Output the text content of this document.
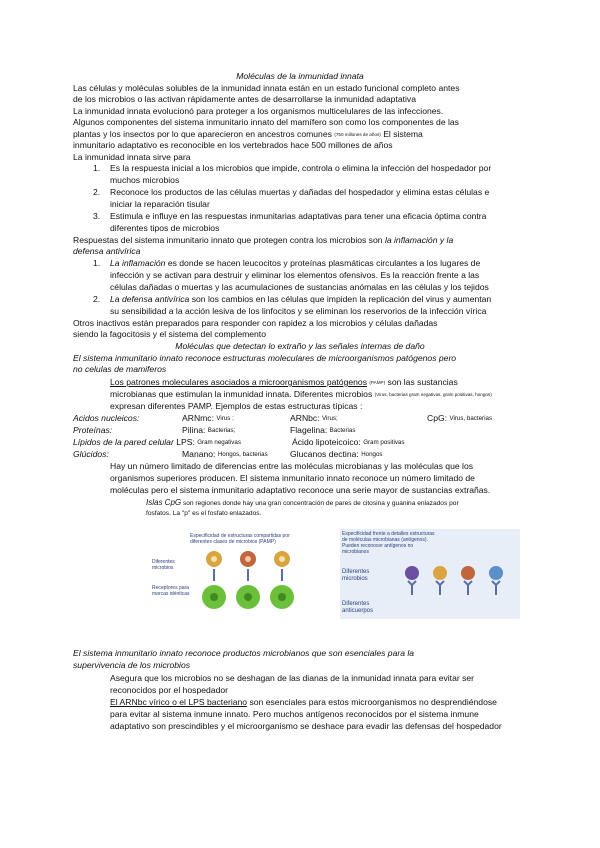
Moléculas de la inmunidad innata
Las células y moléculas solubles de la inmunidad innata están en un estado funcional completo antes
de los microbios o las activan rápidamente antes de desarrollarse la inmunidad adaptativa
La inmunidad innata evolucionó para proteger a los organismos multicelulares de las infecciones.
Algunos componentes del sistema inmunitario innato del mamífero son como los componentes de las
plantas y los insectos por lo que aparecieron en ancestros comunes (750 millones de años) El sistema
inmunitario adaptativo es reconocible en los vertebrados hace 500 millones de años
La inmunidad innata sirve para
1. Es la respuesta inicial a los microbios que impide, controla o elimina la infección del hospedador por
muchos microbios
2. Reconoce los productos de las células muertas y dañadas del hospedador y elimina estas células e
iniciar la reparación tisular
3. Estimula e influye en las respuestas inmunitarias adaptativas para tener una eficacia óptima contra
diferentes tipos de microbios
Respuestas del sistema inmunitario innato que protegen contra los microbios son la inflamación y la
defensa antivírica
1. La inflamación es donde se hacen leucocitos y proteínas plasmáticas circulantes a los lugares de
infección y se activan para destruir y eliminar los elementos ofensivos. Es la reacción frente a las
células dañadas o muertas y las acumulaciones de sustancias anómalas en las células y los tejidos
2. La defensa antivírica son los cambios en las células que impiden la replicación del virus y aumentan
su sensibilidad a la acción lesiva de los linfocitos y se eliminan los reservorios de la infección vírica
Otros inactivos están preparados para responder con rapidez a los microbios y células dañadas
siendo la fagocitosis y el sistema del complemento
Moléculas que detectan lo extraño y las señales internas de daño
El sistema inmunitario innato reconoce estructuras moleculares de microorganismos patógenos pero
no celulas de mamiferos
Los patrones moleculares asociados a microorganismos patógenos (PAMP) son las sustancias
microbianas que estimulan la inmunidad innata. Diferentes microbios (Virus, bacterias gram negativas, gram positivas, hongos)
expresan diferentes PAMP. Ejemplos de estas estructuras típicas :
Acidos nucleicos:	ARNmc: Virus ;	ARNbc: Virus;	CpG: Virus, bacterias
Proteínas:	Pilina: Bacterias;	Flagelina: Bacterias
Lípidos de la pared celular LPS: Gram negativas	Ácido lipoteicoico: Gram positivas
Glúcidos:	Manano: Hongos, bacterias	Glucanos dectina: Hongos
Hay un número limitado de diferencias entre las moléculas microbianas y las moléculas que los
organismos superiores producen. El sistema inmunitario innato reconoce un número limitado de
moléculas pero el sistema inmunitario adaptativo reconoce una serie mayor de sustancias extrañas.
Islas CpG son regiones donde hay una gran concentración de pares de citosina y guanina enlazados por
fosfatos. La "p" es el fosfato enlazados.
Especificidad de estructuras compartidas por
diferentes clases de microbios (PAMP)
Diferentes
microbios
Receptores para
marcas idénticas
Especificidad frente a detalles estructuras
de moléculas microbianas (antígenos).
Pueden reconocer antígenos no
microbianos
Diferentes
microbios
Diferentes
anticuerpos
El sistema inmunitario innato reconoce productos microbianos que son esenciales para la
supervivencia de los microbios
Asegura que los microbios no se deshagan de las dianas de la inmunidad innata para evitar ser
reconocidos por el hospedador
El ARNbc vírico o el LPS bacteriano son esenciales para estos microorganismos no desprendiéndose
para evitar al sistema inmune innato. Pero muchos antígenos reconocidos por el sistema inmune
adaptativo son prescindibles y el microorganismo se deshace para evadir las defensas del hospedador
